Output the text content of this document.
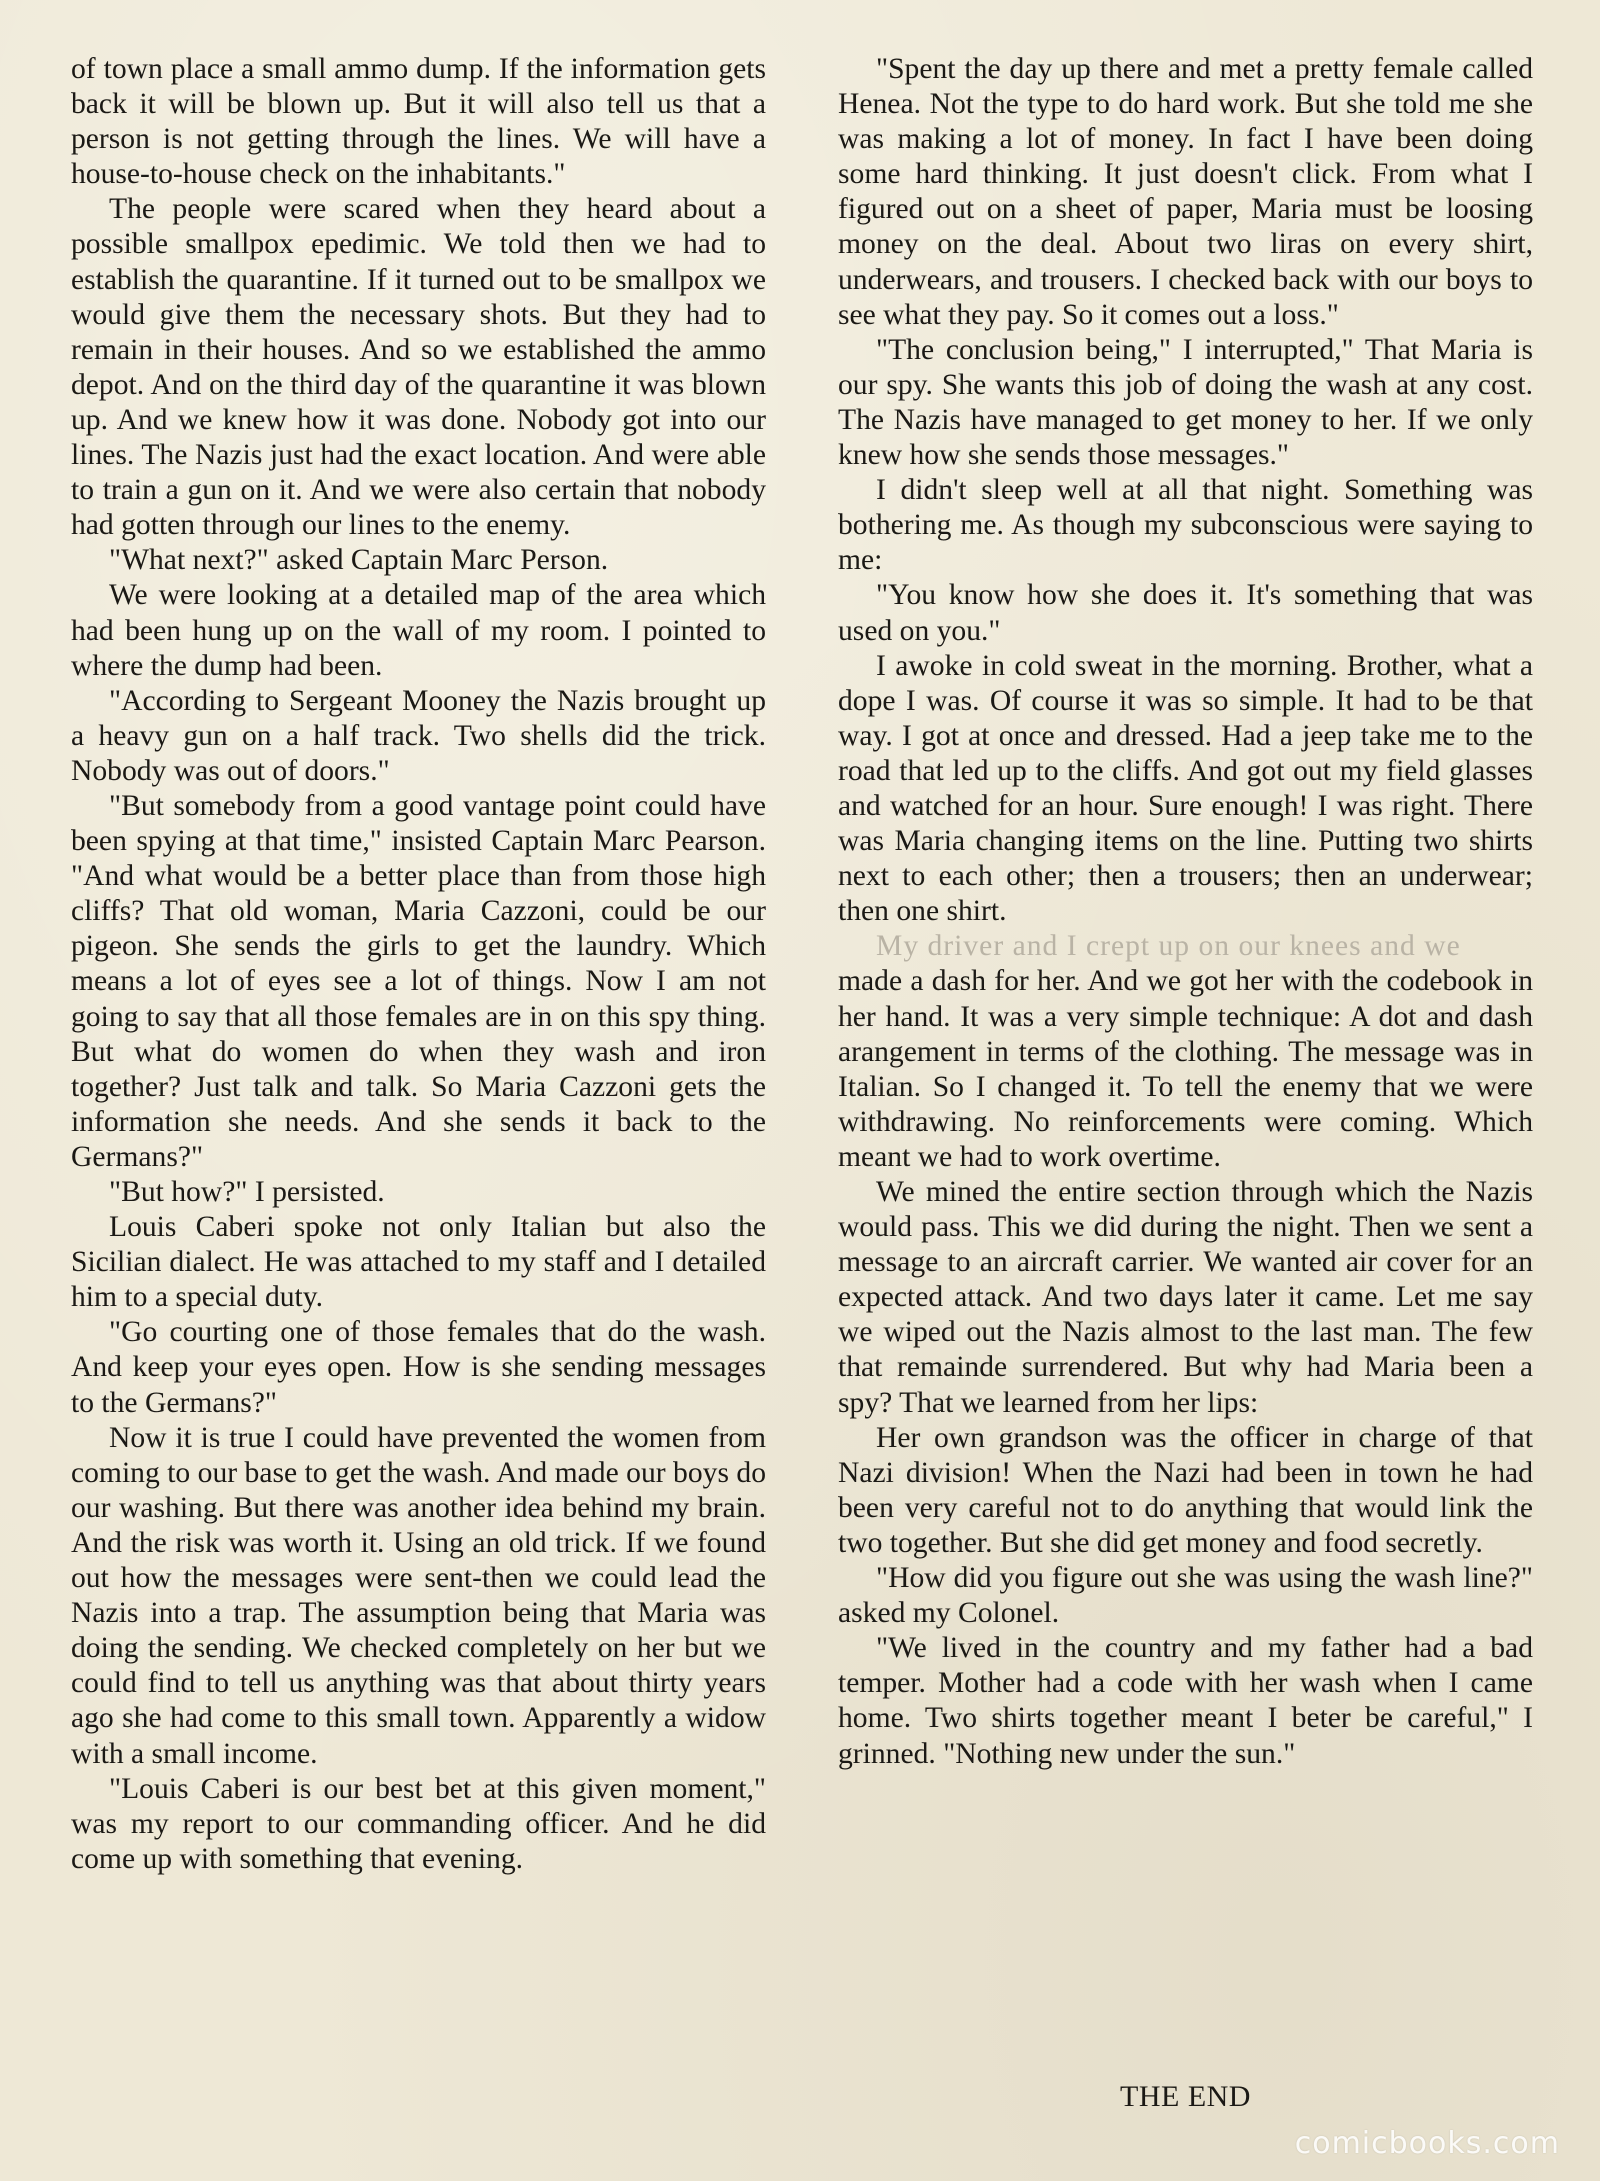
of town place a small ammo dump. If the information gets back it will be blown up. But it will also tell us that a person is not getting through the lines. We will have a house-to-house check on the inhabitants."

The people were scared when they heard about a possible smallpox epedimic. We told then we had to establish the quarantine. If it turned out to be smallpox we would give them the necessary shots. But they had to remain in their houses. And so we established the ammo depot. And on the third day of the quarantine it was blown up. And we knew how it was done. Nobody got into our lines. The Nazis just had the exact location. And were able to train a gun on it. And we were also certain that nobody had gotten through our lines to the enemy.

"What next?" asked Captain Marc Person.

We were looking at a detailed map of the area which had been hung up on the wall of my room. I pointed to where the dump had been.

"According to Sergeant Mooney the Nazis brought up a heavy gun on a half track. Two shells did the trick. Nobody was out of doors."

"But somebody from a good vantage point could have been spying at that time," insisted Captain Marc Pearson. "And what would be a better place than from those high cliffs? That old woman, Maria Cazzoni, could be our pigeon. She sends the girls to get the laundry. Which means a lot of eyes see a lot of things. Now I am not going to say that all those females are in on this spy thing. But what do women do when they wash and iron together? Just talk and talk. So Maria Cazzoni gets the information she needs. And she sends it back to the Germans?"

"But how?" I persisted.

Louis Caberi spoke not only Italian but also the Sicilian dialect. He was attached to my staff and I detailed him to a special duty.

"Go courting one of those females that do the wash. And keep your eyes open. How is she sending messages to the Germans?"

Now it is true I could have prevented the women from coming to our base to get the wash. And made our boys do our washing. But there was another idea behind my brain. And the risk was worth it. Using an old trick. If we found out how the messages were sent-then we could lead the Nazis into a trap. The assumption being that Maria was doing the sending. We checked completely on her but we could find to tell us anything was that about thirty years ago she had come to this small town. Apparently a widow with a small income.

"Louis Caberi is our best bet at this given moment," was my report to our commanding officer. And he did come up with something that evening.

"Spent the day up there and met a pretty female called Henea. Not the type to do hard work. But she told me she was making a lot of money. In fact I have been doing some hard thinking. It just doesn't click. From what I figured out on a sheet of paper, Maria must be loosing money on the deal. About two liras on every shirt, underwears, and trousers. I checked back with our boys to see what they pay. So it comes out a loss."

"The conclusion being," I interrupted," That Maria is our spy. She wants this job of doing the wash at any cost. The Nazis have managed to get money to her. If we only knew how she sends those messages."

I didn't sleep well at all that night. Something was bothering me. As though my subconscious were saying to me:

"You know how she does it. It's something that was used on you."

I awoke in cold sweat in the morning. Brother, what a dope I was. Of course it was so simple. It had to be that way. I got at once and dressed. Had a jeep take me to the road that led up to the cliffs. And got out my field glasses and watched for an hour. Sure enough! I was right. There was Maria changing items on the line. Putting two shirts next to each other; then a trousers; then an underwear; then one shirt.

My driver and I crept up on our knees and we

made a dash for her. And we got her with the codebook in her hand. It was a very simple technique: A dot and dash arangement in terms of the clothing. The message was in Italian. So I changed it. To tell the enemy that we were withdrawing. No reinforcements were coming. Which meant we had to work overtime.

We mined the entire section through which the Nazis would pass. This we did during the night. Then we sent a message to an aircraft carrier. We wanted air cover for an expected attack. And two days later it came. Let me say we wiped out the Nazis almost to the last man. The few that remainde surrendered. But why had Maria been a spy? That we learned from her lips:

Her own grandson was the officer in charge of that Nazi division! When the Nazi had been in town he had been very careful not to do anything that would link the two together. But she did get money and food secretly.

"How did you figure out she was using the wash line?" asked my Colonel.

"We lived in the country and my father had a bad temper. Mother had a code with her wash when I came home. Two shirts together meant I beter be careful," I grinned. "Nothing new under the sun."

THE END
comicbooks.com
